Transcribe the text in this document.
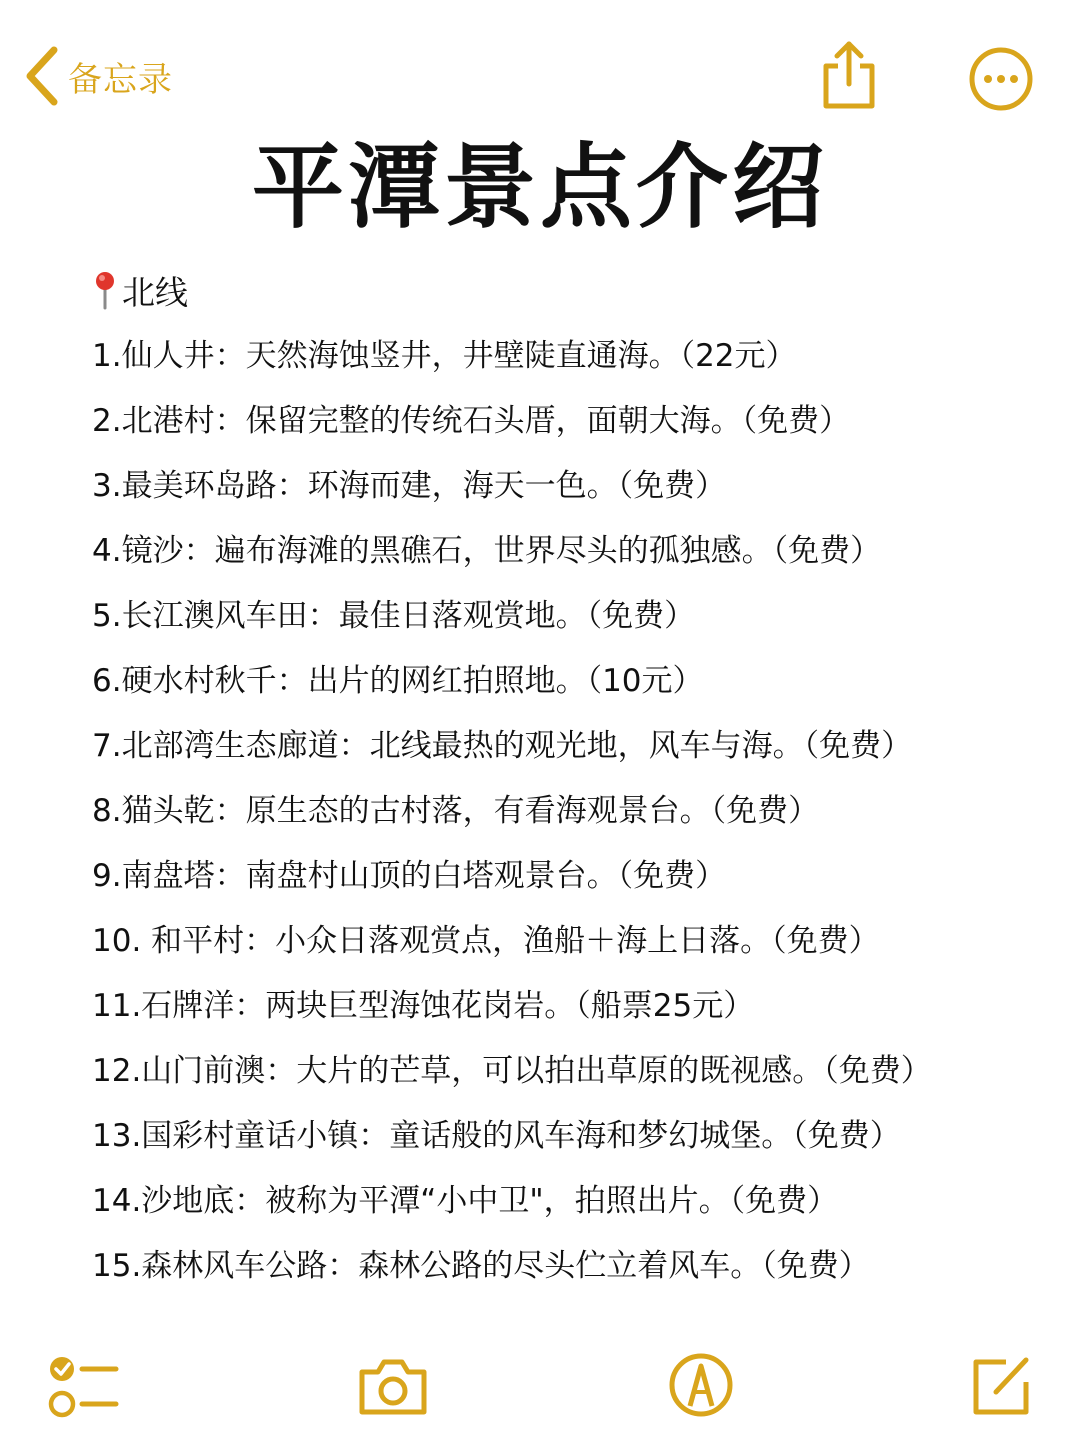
备忘录
平潭景点介绍
北线
1.仙人井：天然海蚀竖井，井壁陡直通海。（22元）
2.北港村：保留完整的传统石头厝，面朝大海。（免费）
3.最美环岛路：环海而建，海天一色。（免费）
4.镜沙：遍布海滩的黑礁石，世界尽头的孤独感。（免费）
5.长江澳风车田：最佳日落观赏地。（免费）
6.硬水村秋千：出片的网红拍照地。（10元）
7.北部湾生态廊道：北线最热的观光地，风车与海。（免费）
8.猫头乾：原生态的古村落，有看海观景台。（免费）
9.南盘塔：南盘村山顶的白塔观景台。（免费）
10. 和平村：小众日落观赏点，渔船＋海上日落。（免费）
11.石牌洋：两块巨型海蚀花岗岩。（船票25元）
12.山门前澳：大片的芒草，可以拍出草原的既视感。（免费）
13.国彩村童话小镇：童话般的风车海和梦幻城堡。（免费）
14.沙地底：被称为平潭“小中卫"，拍照出片。（免费）
15.森林风车公路：森林公路的尽头伫立着风车。（免费）
